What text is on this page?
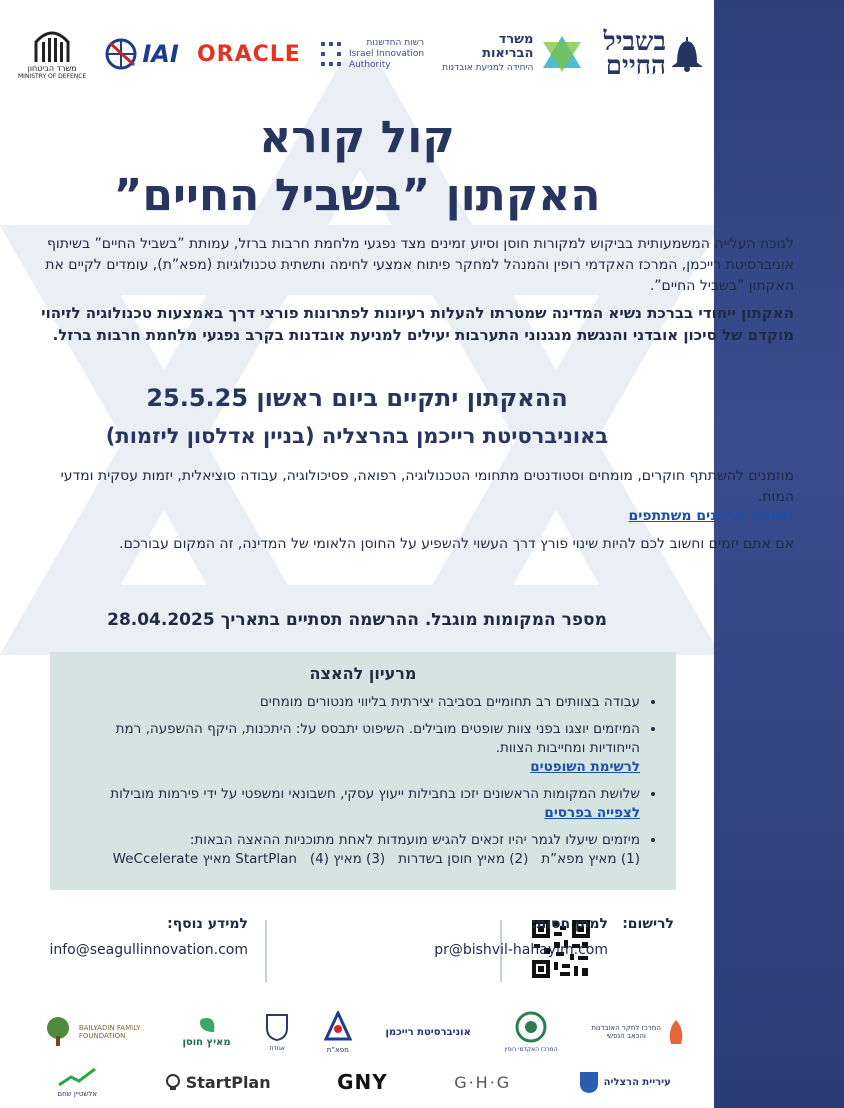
משרד הביטחון
MINISTRY OF DEFENCE
IAI ORACLE	רשות החדשנות
Israel Innovation
Authority
משרד
הבריאות
היחידה למניעת אובדנות
בשביל
החיים
קול קורא
האקתון ”בשביל החיים”
לנוכח העלייה המשמעותית בביקוש למקורות חוסן וסיוע זמינים מצד נפגעי מלחמת חרבות ברזל, עמותת ”בשביל החיים” בשיתוף אוניברסיטת רייכמן, המרכז האקדמי רופין והמנהל למחקר פיתוח אמצעי לחימה ותשתית טכנולוגיות (מפא”ת), עומדים לקיים את האקתון ”בשביל החיים”.
האקתון ייחודי בברכת נשיא המדינה שמטרתו להעלות רעיונות לפתרונות פורצי דרך באמצעות טכנולוגיה לזיהוי מוקדם של סיכון אובדני והנגשת מנגנוני התערבות יעילים למניעת אובדנות בקרב נפגעי מלחמת חרבות ברזל.
ההאקתון יתקיים ביום ראשון 25.5.25
באוניברסיטת רייכמן בהרצליה (בניין אדלסון ליזמות)
מוזמנים להשתתף חוקרים, מומחים וסטודנטים מתחומי הטכנולוגיה, רפואה, פסיכולוגיה, עבודה סוציאלית, יזמות עסקית ומדעי המוח.
רשימת ארגונים משתתפים
אם אתם יזמים וחשוב לכם להיות שינוי פורץ דרך העשוי להשפיע על החוסן הלאומי של המדינה, זה המקום עבורכם.
מספר המקומות מוגבל. ההרשמה תסתיים בתאריך 28.04.2025
מרעיון להאצה
• עבודה בצוותים רב תחומיים בסביבה יצירתית בליווי מנטורים מומחים
• המיזמים יוצגו בפני צוות שופטים מובילים. השיפוט יתבסס על: היתכנות, היקף ההשפעה, רמת הייחודיות ומחייבות הצוות.
לרשימת השופטים
• שלושת המקומות הראשונים יזכו בחבילות ייעוץ עסקי, חשבונאי ומשפטי על ידי פירמות מובילות
לצפייה בפרסים
• מיזמים שיעלו לגמר יהיו זכאים להגיש מועמדות לאחת מתוכניות ההאצה הבאות:
(1) מאיץ מפא”ת   (2) מאיץ חוסן בשדרות   (3) מאיץ StartPlan   (4) מאיץ WeCcelerate
לרישום:
למתן חסות:
pr@bishvil-hahayim.com
למידע נוסף:
info@seagullinnovation.com
המרכז לחקר האובדנות והכאב הנפשי
המרכז האקדמי רופין
אוניברסיטת רייכמן
מפא”ת
אגודת
מאיץ חוסן
BAILYADIN FAMILY FOUNDATION
עיריית הרצליה
G·H·G
GNY
StartPlan
אלשטיין שחם
